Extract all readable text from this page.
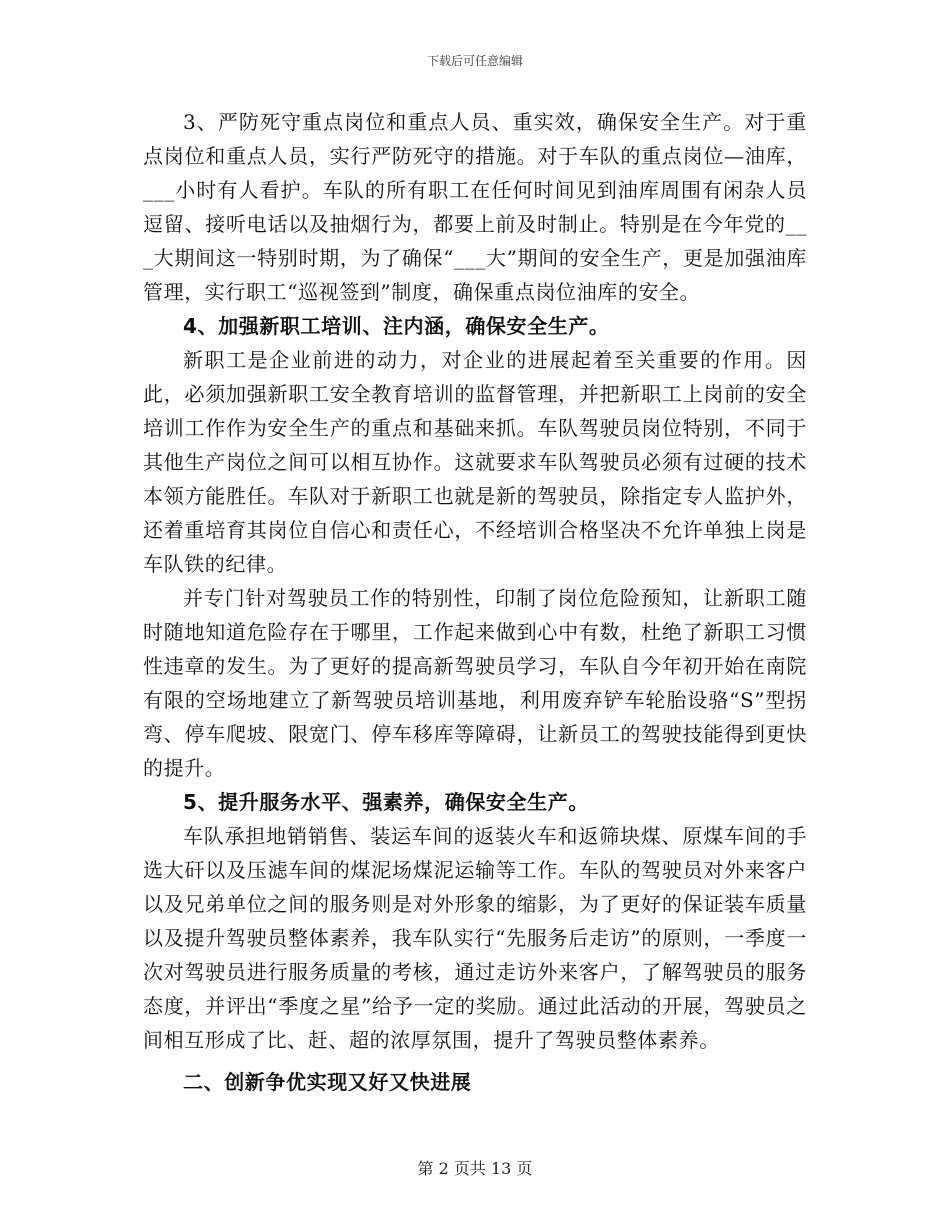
下载后可任意编辑

3、严防死守重点岗位和重点人员、重实效，确保安全生产。对于重点岗位和重点人员，实行严防死守的措施。对于车队的重点岗位—油库，___小时有人看护。车队的所有职工在任何时间见到油库周围有闲杂人员逗留、接听电话以及抽烟行为，都要上前及时制止。特别是在今年党的___大期间这一特别时期，为了确保“___大”期间的安全生产，更是加强油库管理，实行职工“巡视签到”制度，确保重点岗位油库的安全。

4、加强新职工培训、注内涵，确保安全生产。

新职工是企业前进的动力，对企业的进展起着至关重要的作用。因此，必须加强新职工安全教育培训的监督管理，并把新职工上岗前的安全培训工作作为安全生产的重点和基础来抓。车队驾驶员岗位特别，不同于其他生产岗位之间可以相互协作。这就要求车队驾驶员必须有过硬的技术本领方能胜任。车队对于新职工也就是新的驾驶员，除指定专人监护外，还着重培育其岗位自信心和责任心，不经培训合格坚决不允许单独上岗是车队铁的纪律。

并专门针对驾驶员工作的特别性，印制了岗位危险预知，让新职工随时随地知道危险存在于哪里，工作起来做到心中有数，杜绝了新职工习惯性违章的发生。为了更好的提高新驾驶员学习，车队自今年初开始在南院有限的空场地建立了新驾驶员培训基地，利用废弃铲车轮胎设骆“S”型拐弯、停车爬坡、限宽门、停车移库等障碍，让新员工的驾驶技能得到更快的提升。

5、提升服务水平、强素养，确保安全生产。

车队承担地销销售、装运车间的返装火车和返筛块煤、原煤车间的手选大矸以及压滤车间的煤泥场煤泥运输等工作。车队的驾驶员对外来客户以及兄弟单位之间的服务则是对外形象的缩影，为了更好的保证装车质量以及提升驾驶员整体素养，我车队实行“先服务后走访”的原则，一季度一次对驾驶员进行服务质量的考核，通过走访外来客户，了解驾驶员的服务态度，并评出“季度之星”给予一定的奖励。通过此活动的开展，驾驶员之间相互形成了比、赶、超的浓厚氛围，提升了驾驶员整体素养。

二、创新争优实现又好又快进展

第 2 页共 13 页
